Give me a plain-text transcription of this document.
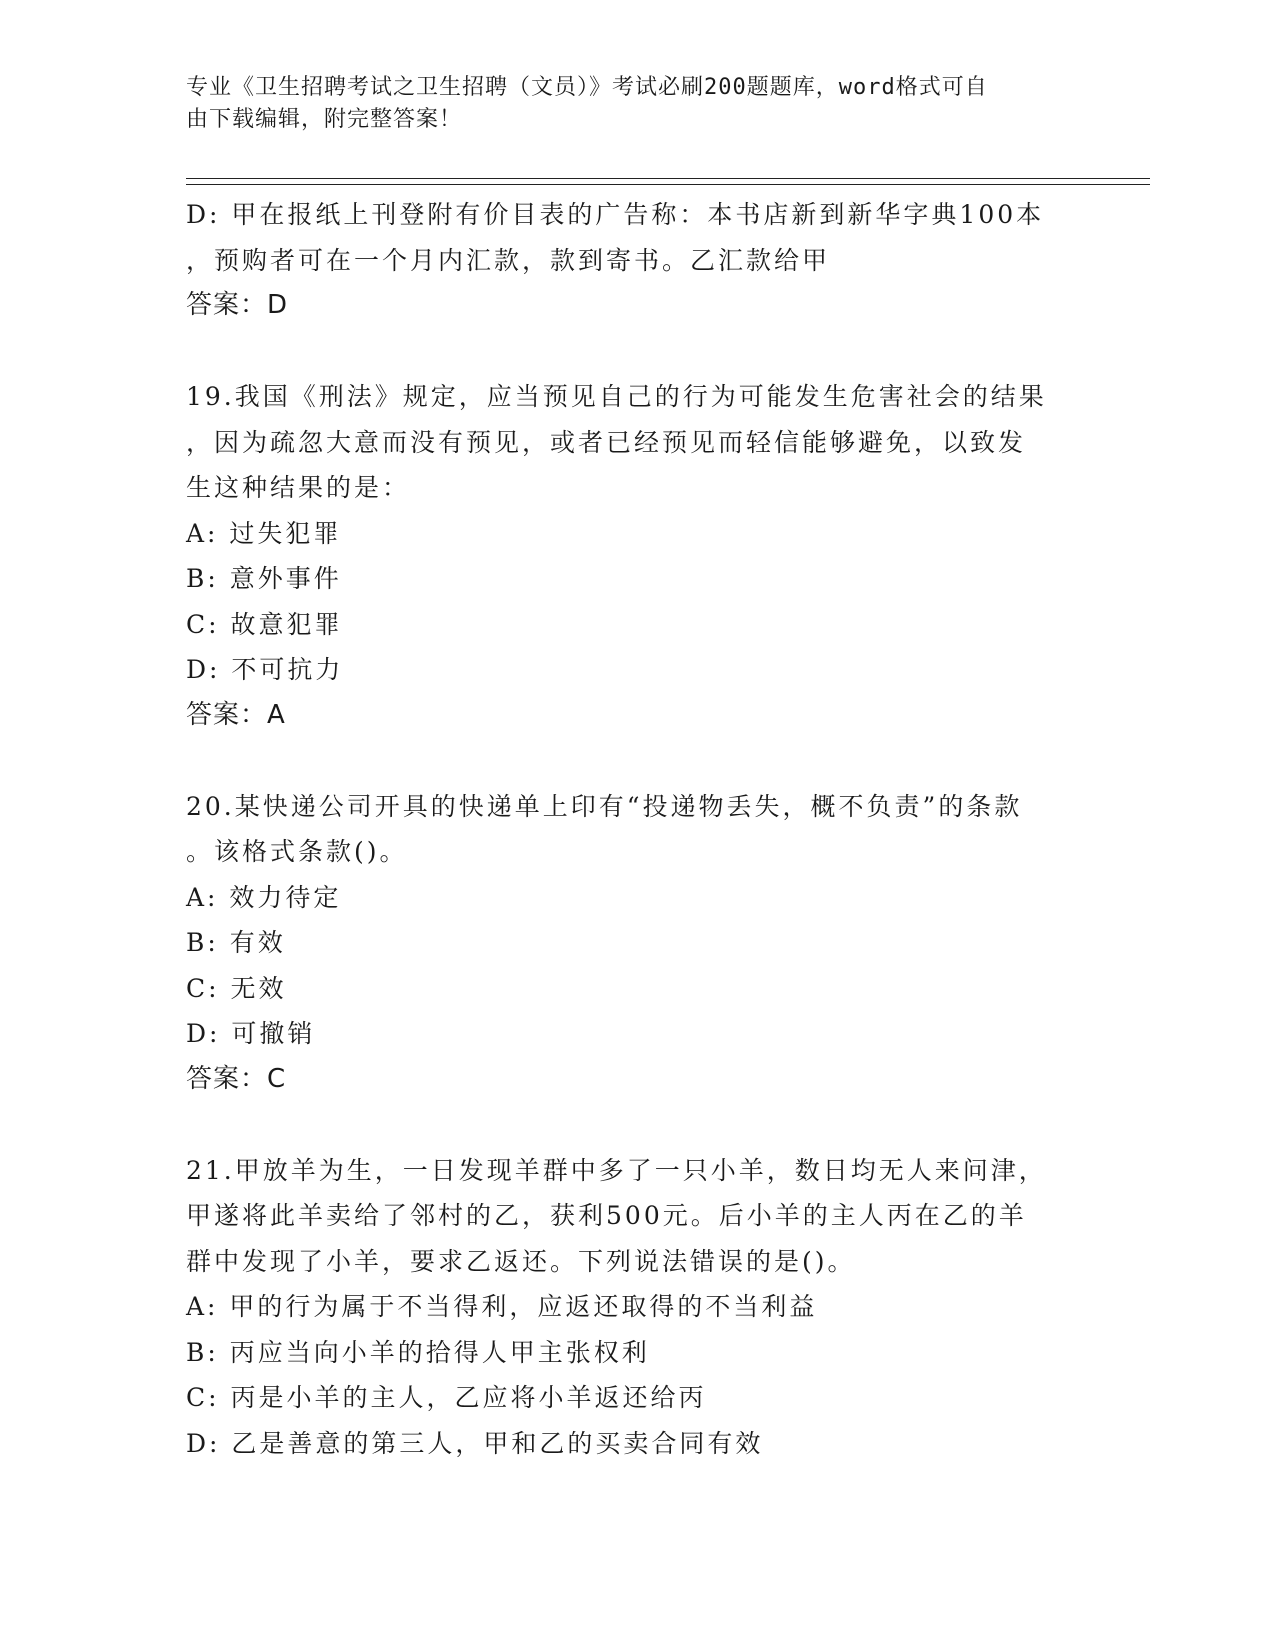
专业《卫生招聘考试之卫生招聘（文员）》考试必刷200题题库，word格式可自
由下载编辑，附完整答案！
D: 甲在报纸上刊登附有价目表的广告称：本书店新到新华字典100本
，预购者可在一个月内汇款，款到寄书。乙汇款给甲
答案：D
19.我国《刑法》规定，应当预见自己的行为可能发生危害社会的结果
，因为疏忽大意而没有预见，或者已经预见而轻信能够避免，以致发
生这种结果的是：
A: 过失犯罪
B: 意外事件
C: 故意犯罪
D: 不可抗力
答案：A
20.某快递公司开具的快递单上印有“投递物丢失，概不负责”的条款
。该格式条款()。
A: 效力待定
B: 有效
C: 无效
D: 可撤销
答案：C
21.甲放羊为生，一日发现羊群中多了一只小羊，数日均无人来问津，
甲遂将此羊卖给了邻村的乙，获利500元。后小羊的主人丙在乙的羊
群中发现了小羊，要求乙返还。下列说法错误的是()。
A: 甲的行为属于不当得利，应返还取得的不当利益
B: 丙应当向小羊的拾得人甲主张权利
C: 丙是小羊的主人，乙应将小羊返还给丙
D: 乙是善意的第三人，甲和乙的买卖合同有效
